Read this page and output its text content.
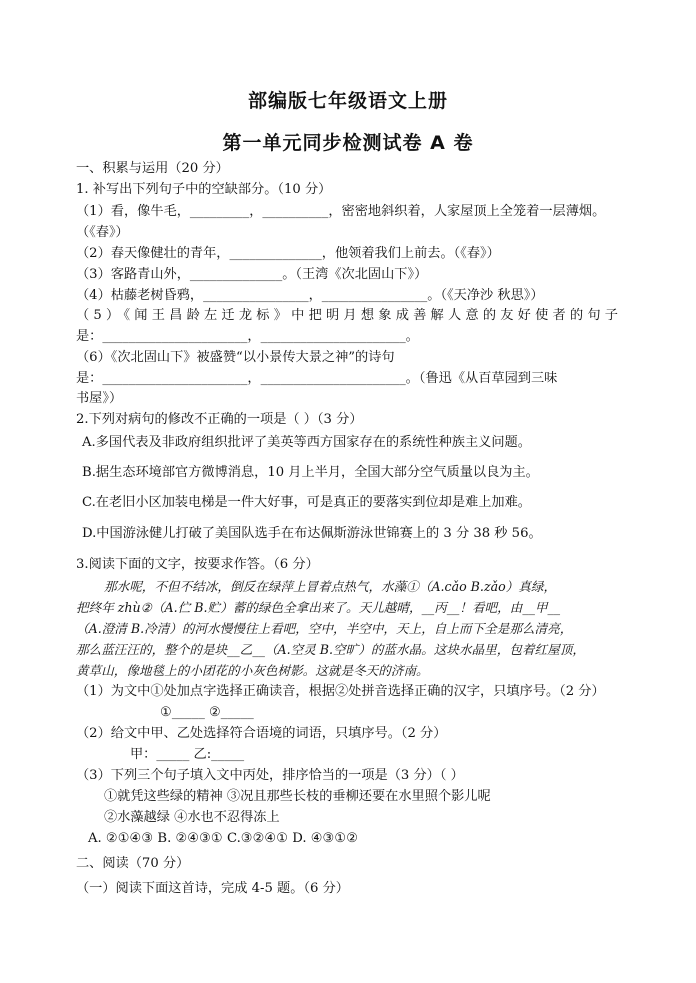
部编版七年级语文上册
第一单元同步检测试卷 A 卷
一、积累与运用（20 分）
1. 补写出下列句子中的空缺部分。（10 分）
（1）看，像牛毛，_________，__________，密密地斜织着，人家屋顶上全笼着一层薄烟。
（《春》）
（2）春天像健壮的青年，______________，他领着我们上前去。（《春》）
（3）客路青山外，______________。（王湾《次北固山下》）
（4）枯藤老树昏鸦，________________，________________。（《天净沙 秋思》）
（5）《闻王昌龄左迁龙标》中把明月想象成善解人意的友好使者的句子
是：______________________，______________________。
（6）《次北固山下》被盛赞“以小景传大景之神”的诗句
是：______________________，______________________。（鲁迅《从百草园到三味
书屋》）
2.下列对病句的修改不正确的一项是（ ）（3 分）
A.多国代表及非政府组织批评了美英等西方国家存在的系统性种族主义问题。
B.据生态环境部官方微博消息，10 月上半月，全国大部分空气质量以良为主。
C.在老旧小区加装电梯是一件大好事，可是真正的要落实到位却是难上加难。
D.中国游泳健儿打破了美国队选手在布达佩斯游泳世锦赛上的 3 分 38 秒 56。
3.阅读下面的文字，按要求作答。（6 分）
那水呢，不但不结冰，倒反在绿萍上冒着点热气，水藻①（A.cǎo B.zǎo）真绿，
把终年 zhù②（A.伫 B.贮）蓄的绿色全拿出来了。天儿越晴，__丙__！看吧，由__甲__
（A.澄清 B.冷清）的河水慢慢往上看吧，空中，半空中，天上，自上而下全是那么清亮，
那么蓝汪汪的，整个的是块__乙__（A.空灵 B.空旷）的蓝水晶。这块水晶里，包着红屋顶，
黄草山，像地毯上的小团花的小灰色树影。这就是冬天的济南。
（1）为文中①处加点字选择正确读音，根据②处拼音选择正确的汉字，只填序号。（2 分）
①_____ ②_____
（2）给文中甲、乙处选择符合语境的词语，只填序号。（2 分）
甲：_____ 乙:_____
（3）下列三个句子填入文中丙处，排序恰当的一项是（3 分）（ ）
①就凭这些绿的精神 ③况且那些长枝的垂柳还要在水里照个影儿呢
②水藻越绿 ④水也不忍得冻上
A. ②①④③ B. ②④③① C.③②④① D. ④③①②
二、阅读（70 分）
（一）阅读下面这首诗，完成 4-5 题。（6 分）
